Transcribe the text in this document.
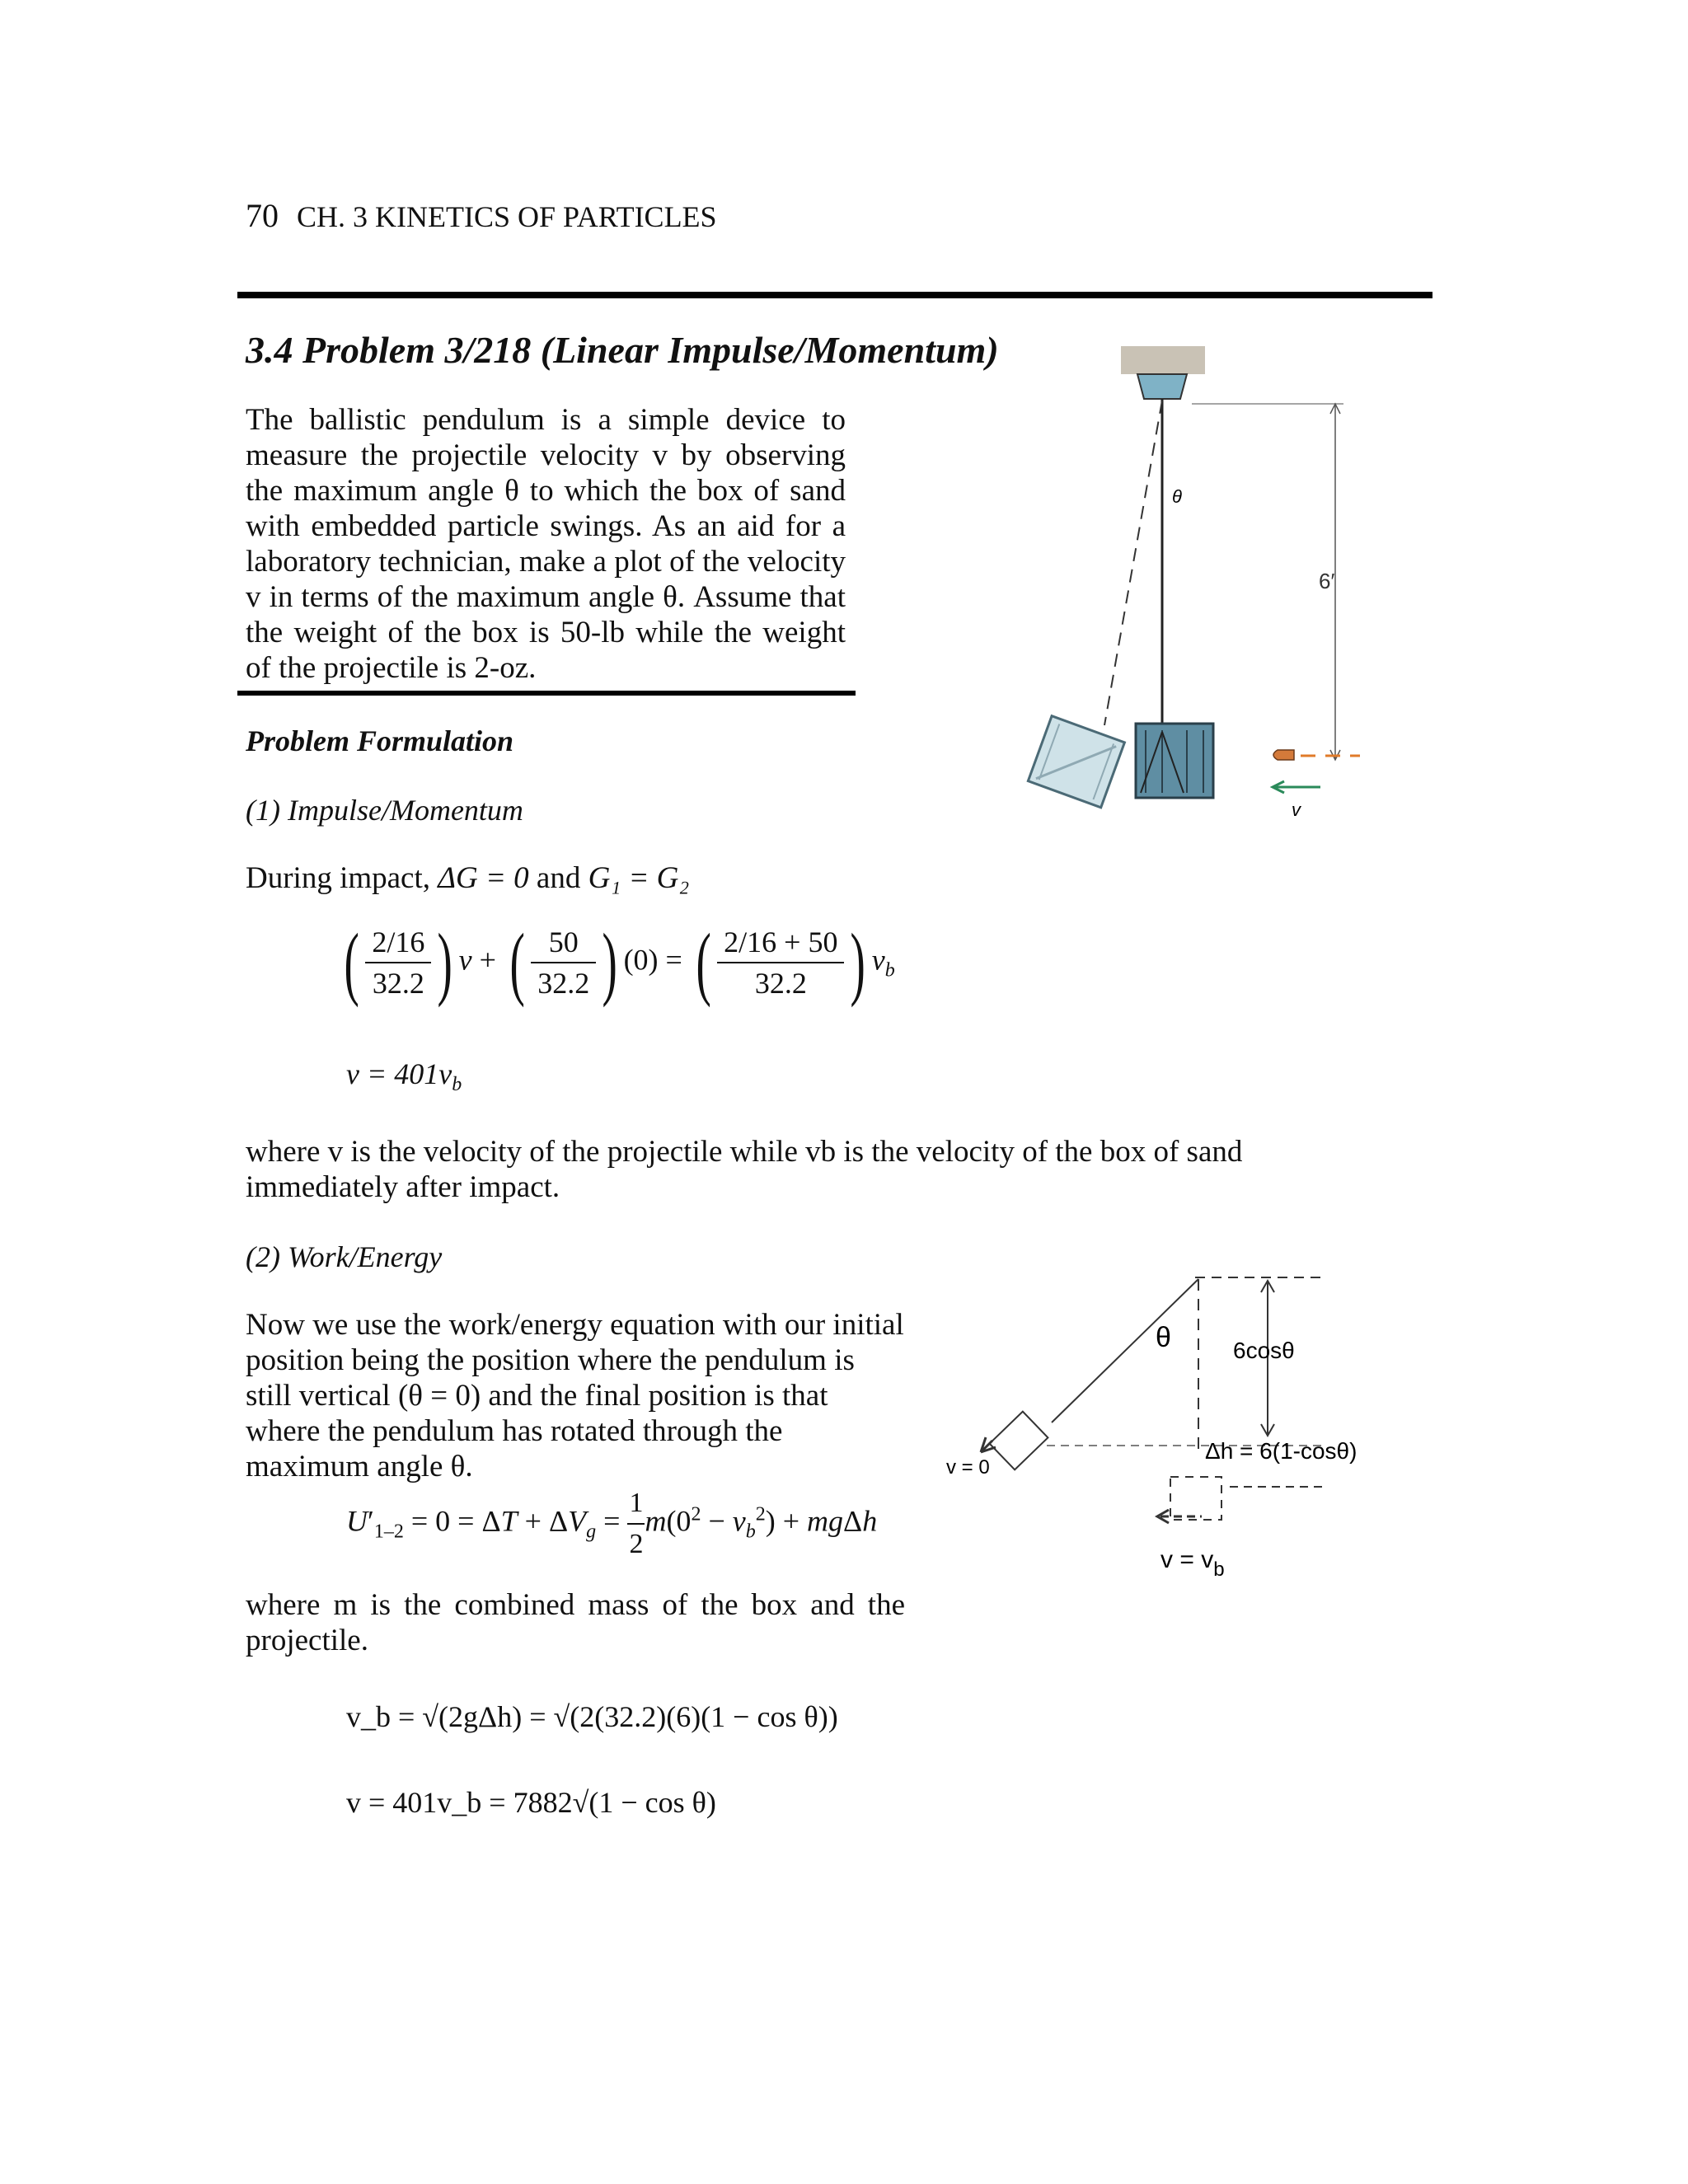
70 CH. 3 KINETICS OF PARTICLES
3.4 Problem 3/218 (Linear Impulse/Momentum)
The ballistic pendulum is a simple device to measure the projectile velocity v by observing the maximum angle θ to which the box of sand with embedded particle swings. As an aid for a laboratory technician, make a plot of the velocity v in terms of the maximum angle θ. Assume that the weight of the box is 50-lb while the weight of the projectile is 2-oz.
θ
6′
v
Problem Formulation
(1) Impulse/Momentum
During impact, ΔG = 0 and G₁ = G₂
( $\frac{2/16}{32.2}$ ) v + ( $\frac{50}{32.2}$ ) (0) = ( $\frac{2/16 + 50}{32.2}$ ) $v_b$
$v = 401v_b$
where v is the velocity of the projectile while vb is the velocity of the box of sand immediately after impact.
(2) Work/Energy
Now we use the work/energy equation with our initial position being the position where the pendulum is still vertical (θ = 0) and the final position is that where the pendulum has rotated through the maximum angle θ.
$U'_{1-2} = 0 = \Delta T + \Delta V_g = \frac{1}{2} m(0^2 - v_b^2) + mg\Delta h$
where m is the combined mass of the box and the projectile.
v_b = √(2gΔh) = √(2(32.2)(6)(1 − cos θ))
v = 401v_b = 7882√(1 − cos θ)
v = 0
θ	6cosθ
Δh = 6(1-cosθ)
$v = v_b$
